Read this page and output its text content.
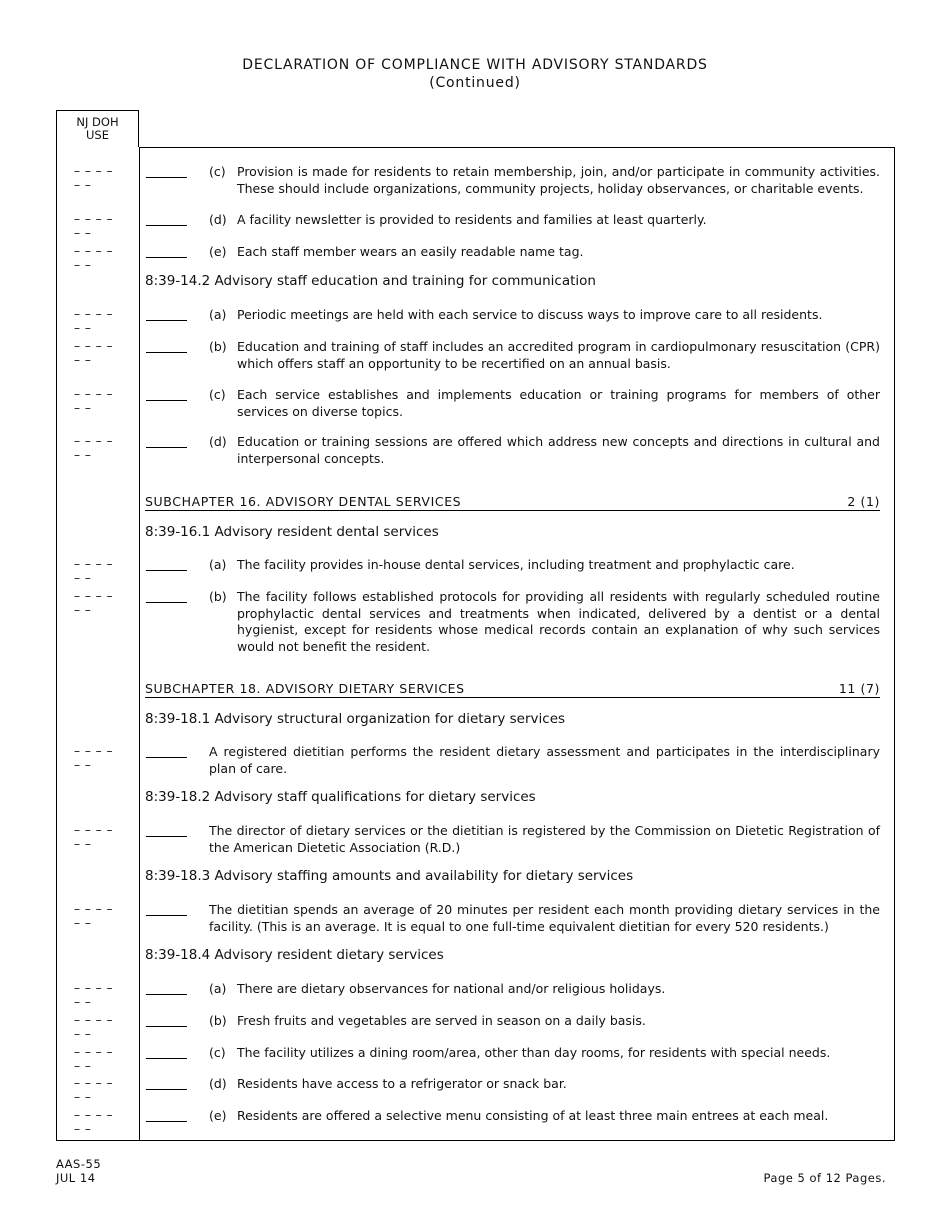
DECLARATION OF COMPLIANCE WITH ADVISORY STANDARDS
(Continued)
NJ DOH
USE
– – – – – –
(c) Provision is made for residents to retain membership, join, and/or participate in community activities. These should include organizations, community projects, holiday observances, or charitable events.
– – – – – –
(d) A facility newsletter is provided to residents and families at least quarterly.
– – – – – –
(e) Each staff member wears an easily readable name tag.
8:39-14.2 Advisory staff education and training for communication
– – – – – –
(a) Periodic meetings are held with each service to discuss ways to improve care to all residents.
– – – – – –
(b) Education and training of staff includes an accredited program in cardiopulmonary resuscitation (CPR) which offers staff an opportunity to be recertified on an annual basis.
– – – – – –
(c) Each service establishes and implements education or training programs for members of other services on diverse topics.
– – – – – –
(d) Education or training sessions are offered which address new concepts and directions in cultural and interpersonal concepts.
SUBCHAPTER 16. ADVISORY DENTAL SERVICES	2 (1)
8:39-16.1 Advisory resident dental services
– – – – – –
(a) The facility provides in-house dental services, including treatment and prophylactic care.
– – – – – –
(b) The facility follows established protocols for providing all residents with regularly scheduled routine prophylactic dental services and treatments when indicated, delivered by a dentist or a dental hygienist, except for residents whose medical records contain an explanation of why such services would not benefit the resident.
SUBCHAPTER 18. ADVISORY DIETARY SERVICES	11 (7)
8:39-18.1 Advisory structural organization for dietary services
– – – – – –
A registered dietitian performs the resident dietary assessment and participates in the interdisciplinary plan of care.
8:39-18.2 Advisory staff qualifications for dietary services
– – – – – –
The director of dietary services or the dietitian is registered by the Commission on Dietetic Registration of the American Dietetic Association (R.D.)
8:39-18.3 Advisory staffing amounts and availability for dietary services
– – – – – –
The dietitian spends an average of 20 minutes per resident each month providing dietary services in the facility. (This is an average. It is equal to one full-time equivalent dietitian for every 520 residents.)
8:39-18.4 Advisory resident dietary services
– – – – – –
(a) There are dietary observances for national and/or religious holidays.
– – – – – –
(b) Fresh fruits and vegetables are served in season on a daily basis.
– – – – – –
(c) The facility utilizes a dining room/area, other than day rooms, for residents with special needs.
– – – – – –
(d) Residents have access to a refrigerator or snack bar.
– – – – – –
(e) Residents are offered a selective menu consisting of at least three main entrees at each meal.
AAS-55
JUL 14	Page 5 of 12 Pages.
